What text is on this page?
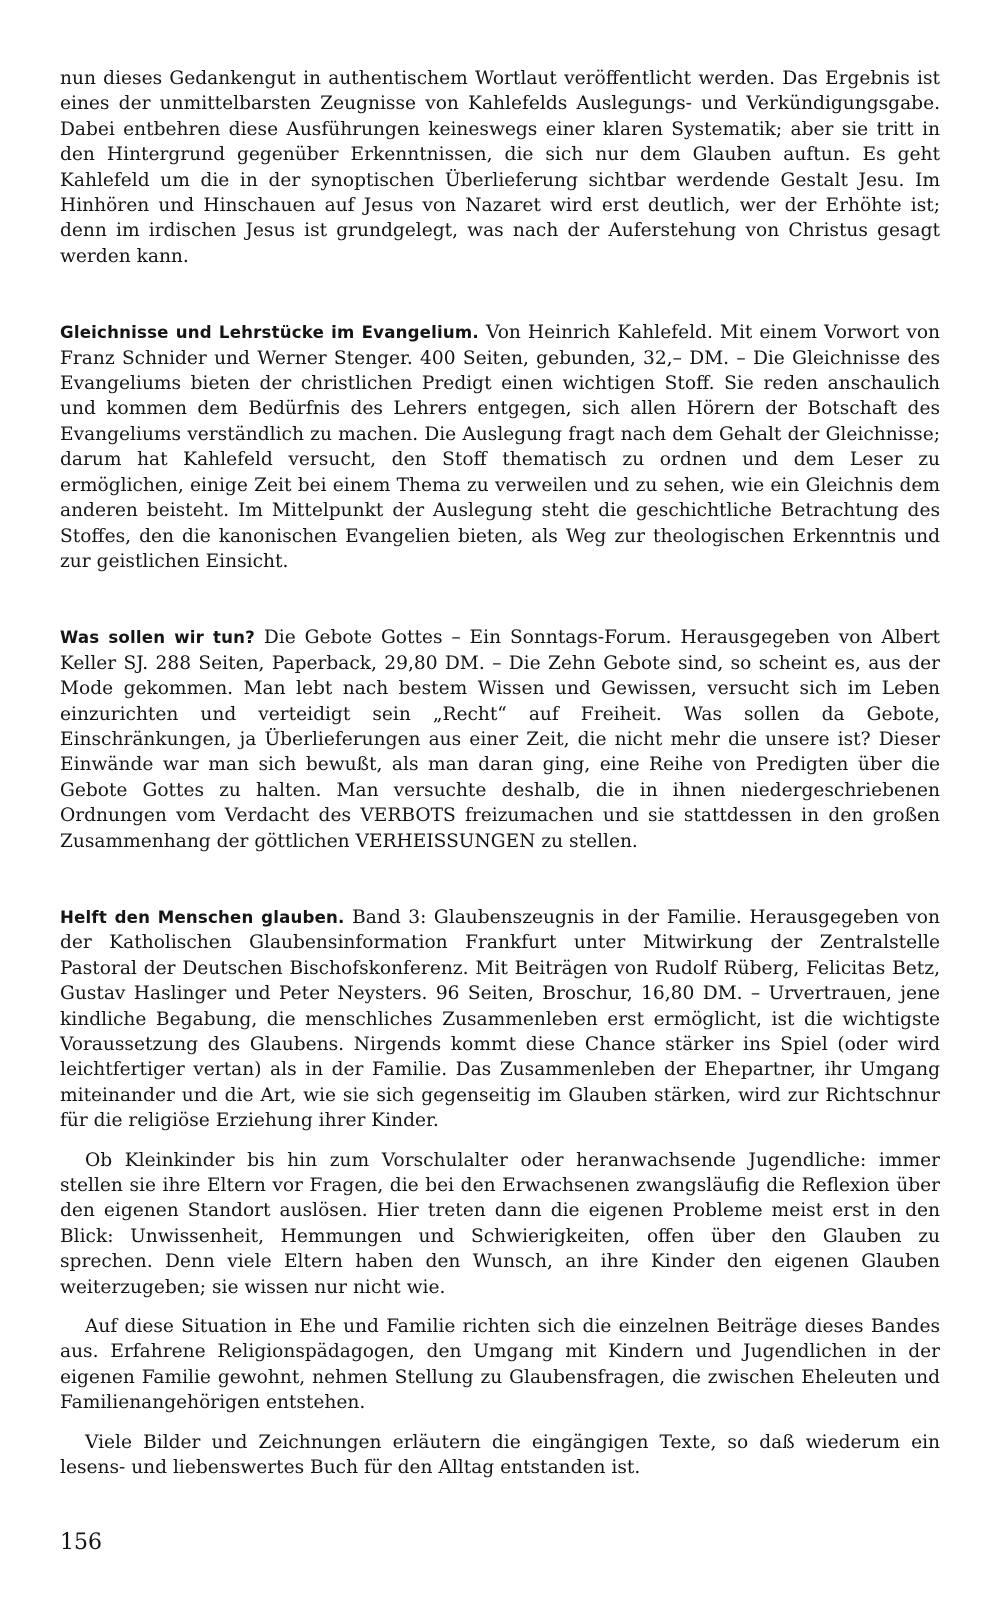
nun dieses Gedankengut in authentischem Wortlaut veröffentlicht werden. Das Ergebnis ist eines der unmittelbarsten Zeugnisse von Kahlefelds Auslegungs- und Verkündigungsgabe. Dabei entbehren diese Ausführungen keineswegs einer klaren Systematik; aber sie tritt in den Hintergrund gegenüber Erkenntnissen, die sich nur dem Glauben auftun. Es geht Kahlefeld um die in der synoptischen Überlieferung sichtbar werdende Gestalt Jesu. Im Hinhören und Hinschauen auf Jesus von Nazaret wird erst deutlich, wer der Erhöhte ist; denn im irdischen Jesus ist grundgelegt, was nach der Auferstehung von Christus gesagt werden kann.

Gleichnisse und Lehrstücke im Evangelium. Von Heinrich Kahlefeld. Mit einem Vorwort von Franz Schnider und Werner Stenger. 400 Seiten, gebunden, 32,– DM. – Die Gleichnisse des Evangeliums bieten der christlichen Predigt einen wichtigen Stoff. Sie reden anschaulich und kommen dem Bedürfnis des Lehrers entgegen, sich allen Hörern der Botschaft des Evangeliums verständlich zu machen. Die Auslegung fragt nach dem Gehalt der Gleichnisse; darum hat Kahlefeld versucht, den Stoff thematisch zu ordnen und dem Leser zu ermöglichen, einige Zeit bei einem Thema zu verweilen und zu sehen, wie ein Gleichnis dem anderen beisteht. Im Mittelpunkt der Auslegung steht die geschichtliche Betrachtung des Stoffes, den die kanonischen Evangelien bieten, als Weg zur theologischen Erkenntnis und zur geistlichen Einsicht.

Was sollen wir tun? Die Gebote Gottes – Ein Sonntags-Forum. Herausgegeben von Albert Keller SJ. 288 Seiten, Paperback, 29,80 DM. – Die Zehn Gebote sind, so scheint es, aus der Mode gekommen. Man lebt nach bestem Wissen und Gewissen, versucht sich im Leben einzurichten und verteidigt sein „Recht“ auf Freiheit. Was sollen da Gebote, Einschränkungen, ja Überlieferungen aus einer Zeit, die nicht mehr die unsere ist? Dieser Einwände war man sich bewußt, als man daran ging, eine Reihe von Predigten über die Gebote Gottes zu halten. Man versuchte deshalb, die in ihnen niedergeschriebenen Ordnungen vom Verdacht des VERBOTS freizumachen und sie stattdessen in den großen Zusammenhang der göttlichen VERHEISSUNGEN zu stellen.

Helft den Menschen glauben. Band 3: Glaubenszeugnis in der Familie. Herausgegeben von der Katholischen Glaubensinformation Frankfurt unter Mitwirkung der Zentralstelle Pastoral der Deutschen Bischofskonferenz. Mit Beiträgen von Rudolf Rüberg, Felicitas Betz, Gustav Haslinger und Peter Neysters. 96 Seiten, Broschur, 16,80 DM. – Urvertrauen, jene kindliche Begabung, die menschliches Zusammenleben erst ermöglicht, ist die wichtigste Voraussetzung des Glaubens. Nirgends kommt diese Chance stärker ins Spiel (oder wird leichtfertiger vertan) als in der Familie. Das Zusammenleben der Ehepartner, ihr Umgang miteinander und die Art, wie sie sich gegenseitig im Glauben stärken, wird zur Richtschnur für die religiöse Erziehung ihrer Kinder.

Ob Kleinkinder bis hin zum Vorschulalter oder heranwachsende Jugendliche: immer stellen sie ihre Eltern vor Fragen, die bei den Erwachsenen zwangsläufig die Reflexion über den eigenen Standort auslösen. Hier treten dann die eigenen Probleme meist erst in den Blick: Unwissenheit, Hemmungen und Schwierigkeiten, offen über den Glauben zu sprechen. Denn viele Eltern haben den Wunsch, an ihre Kinder den eigenen Glauben weiterzugeben; sie wissen nur nicht wie.

Auf diese Situation in Ehe und Familie richten sich die einzelnen Beiträge dieses Bandes aus. Erfahrene Religionspädagogen, den Umgang mit Kindern und Jugendlichen in der eigenen Familie gewohnt, nehmen Stellung zu Glaubensfragen, die zwischen Eheleuten und Familienangehörigen entstehen.

Viele Bilder und Zeichnungen erläutern die eingängigen Texte, so daß wiederum ein lesens- und liebenswertes Buch für den Alltag entstanden ist.

156
